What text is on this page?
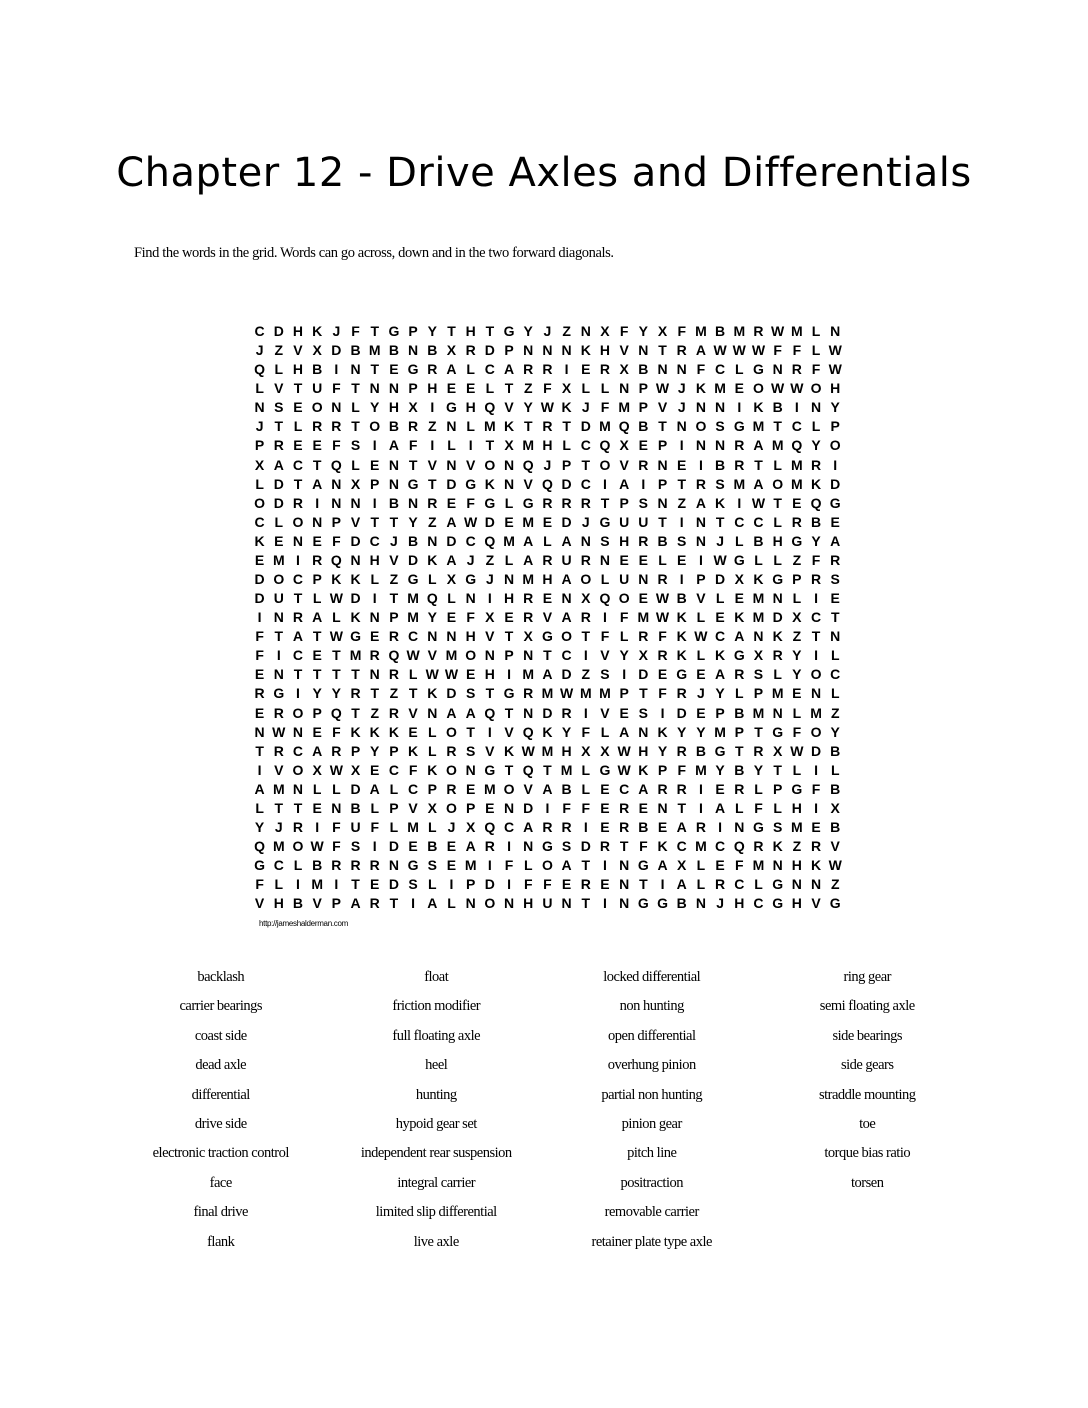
Chapter 12 - Drive Axles and Differentials
Find the words in the grid. Words can go across, down and in the two forward diagonals.
C D H K J F T G P Y T H T G Y J Z N X F Y X F M B M R W M L N
J Z V X D B M B N B X R D P N N N K H V N T R A W W W F F L W
Q L H B I N T E G R A L C A R R I E R X B N N F C L G N R F W
L V T U F T N N P H E E L T Z F X L L N P W J K M E O W W O H
N S E O N L Y H X I G H Q V Y W K J F M P V J N N I K B I N Y
J T L R R T O B R Z N L M K T R T D M Q B T N O S G M T C L P
P R E E F S I A F I L I T X M H L C Q X E P I N N R A M Q Y O
X A C T Q L E N T V N V O N Q J P T O V R N E I B R T L M R I
L D T A N X P N G T D G K N V Q D C I A I P T R S M A O M K D
O D R I N N I B N R E F G L G R R R T P S N Z A K I W T E Q G
C L O N P V T T Y Z A W D E M E D J G U U T I N T C C L R B E
K E N E F D C J B N D C Q M A L A N S H R B S N J L B H G Y A
E M I R Q N H V D K A J Z L A R U R N E E L E I W G L L Z F R
D O C P K K L Z G L X G J N M H A O L U N R I P D X K G P R S
D U T L W D I T M Q L N I H R E N X Q O E W B V L E M N L I E
I N R A L K N P M Y E F X E R V A R I F M W K L E K M D X C T
F T A T W G E R C N N H V T X G O T F L R F K W C A N K Z T N
F I C E T M R Q W V M O N P N T C I V Y X R K L K G X R Y I L
E N T T T T N R L W W E H I M A D Z S I D E G E A R S L Y O C
R G I Y Y R T Z T K D S T G R M W M M P T F R J Y L P M E N L
E R O P Q T Z R V N A A Q T N D R I V E S I D E P B M N L M Z
N W N E F K K K E L O T I V Q K Y F L A N K Y Y M P T G F O Y
T R C A R P Y P K L R S V K W M H X X W H Y R B G T R X W D B
I V O X W X E C F K O N G T Q T M L G W K P F M Y B Y T L I L
A M N L L D A L C P R E M O V A B L E C A R R I E R L P G F B
L T T E N B L P V X O P E N D I F F E R E N T I A L F L H I X
Y J R I F U F L M L J X Q C A R R I E R B E A R I N G S M E B
Q M O W F S I D E B E A R I N G S D R T F K C M C Q R K Z R V
G C L B R R R N G S E M I F L O A T I N G A X L E F M N H K W
F L I M I T E D S L I P D I F F E R E N T I A L R C L G N N Z
V H B V P A R T I A L N O N H U N T I N G G B N J H C G H V G
http://jameshalderman.com
backlash
carrier bearings
coast side
dead axle
differential
drive side
electronic traction control
face
final drive
flank
float
friction modifier
full floating axle
heel
hunting
hypoid gear set
independent rear suspension
integral carrier
limited slip differential
live axle
locked differential
non hunting
open differential
overhung pinion
partial non hunting
pinion gear
pitch line
positraction
removable carrier
retainer plate type axle
ring gear
semi floating axle
side bearings
side gears
straddle mounting
toe
torque bias ratio
torsen
